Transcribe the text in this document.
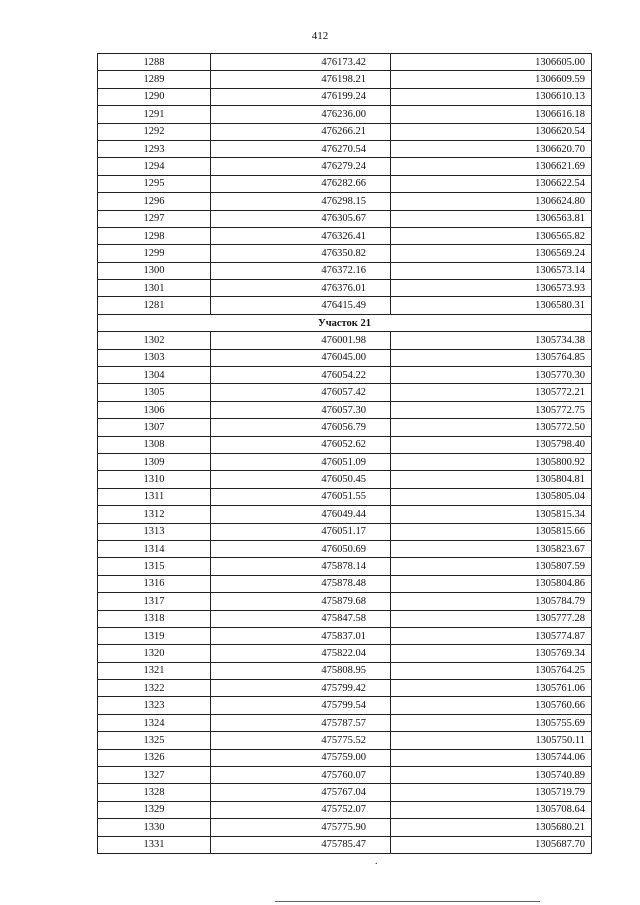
412
1288	476173.42	1306605.00
1289	476198.21	1306609.59
1290	476199.24	1306610.13
1291	476236.00	1306616.18
1292	476266.21	1306620.54
1293	476270.54	1306620.70
1294	476279.24	1306621.69
1295	476282.66	1306622.54
1296	476298.15	1306624.80
1297	476305.67	1306563.81
1298	476326.41	1306565.82
1299	476350.82	1306569.24
1300	476372.16	1306573.14
1301	476376.01	1306573.93
1281	476415.49	1306580.31
Участок 21		
1302	476001.98	1305734.38
1303	476045.00	1305764.85
1304	476054.22	1305770.30
1305	476057.42	1305772.21
1306	476057.30	1305772.75
1307	476056.79	1305772.50
1308	476052.62	1305798.40
1309	476051.09	1305800.92
1310	476050.45	1305804.81
1311	476051.55	1305805.04
1312	476049.44	1305815.34
1313	476051.17	1305815.66
1314	476050.69	1305823.67
1315	475878.14	1305807.59
1316	475878.48	1305804.86
1317	475879.68	1305784.79
1318	475847.58	1305777.28
1319	475837.01	1305774.87
1320	475822.04	1305769.34
1321	475808.95	1305764.25
1322	475799.42	1305761.06
1323	475799.54	1305760.66
1324	475787.57	1305755.69
1325	475775.52	1305750.11
1326	475759.00	1305744.06
1327	475760.07	1305740.89
1328	475767.04	1305719.79
1329	475752.07	1305708.64
1330	475775.90	1305680.21
1331	475785.47	1305687.70
.
